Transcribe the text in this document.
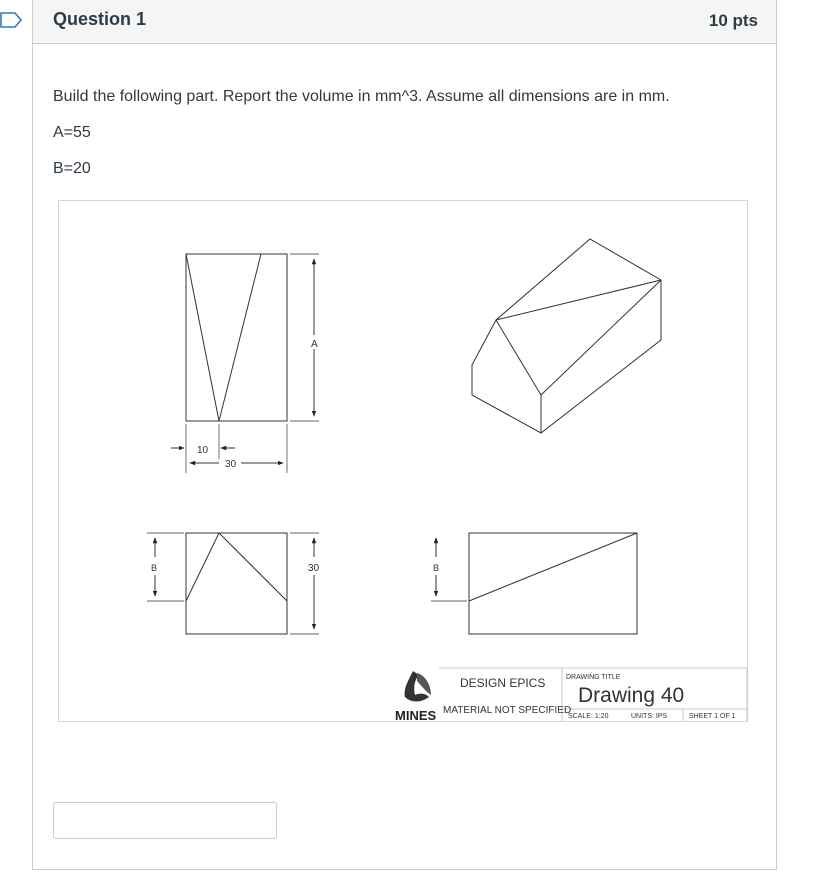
Question 1	10 pts
Build the following part. Report the volume in mm^3. Assume all dimensions are in mm.
A=55
B=20
A
10
30
B	30	B
MINES
DESIGN EPICS
MATERIAL NOT SPECIFIED
DRAWING TITLE
Drawing 40
SCALE: 1:20	UNITS: IPS	SHEET 1 OF 1
